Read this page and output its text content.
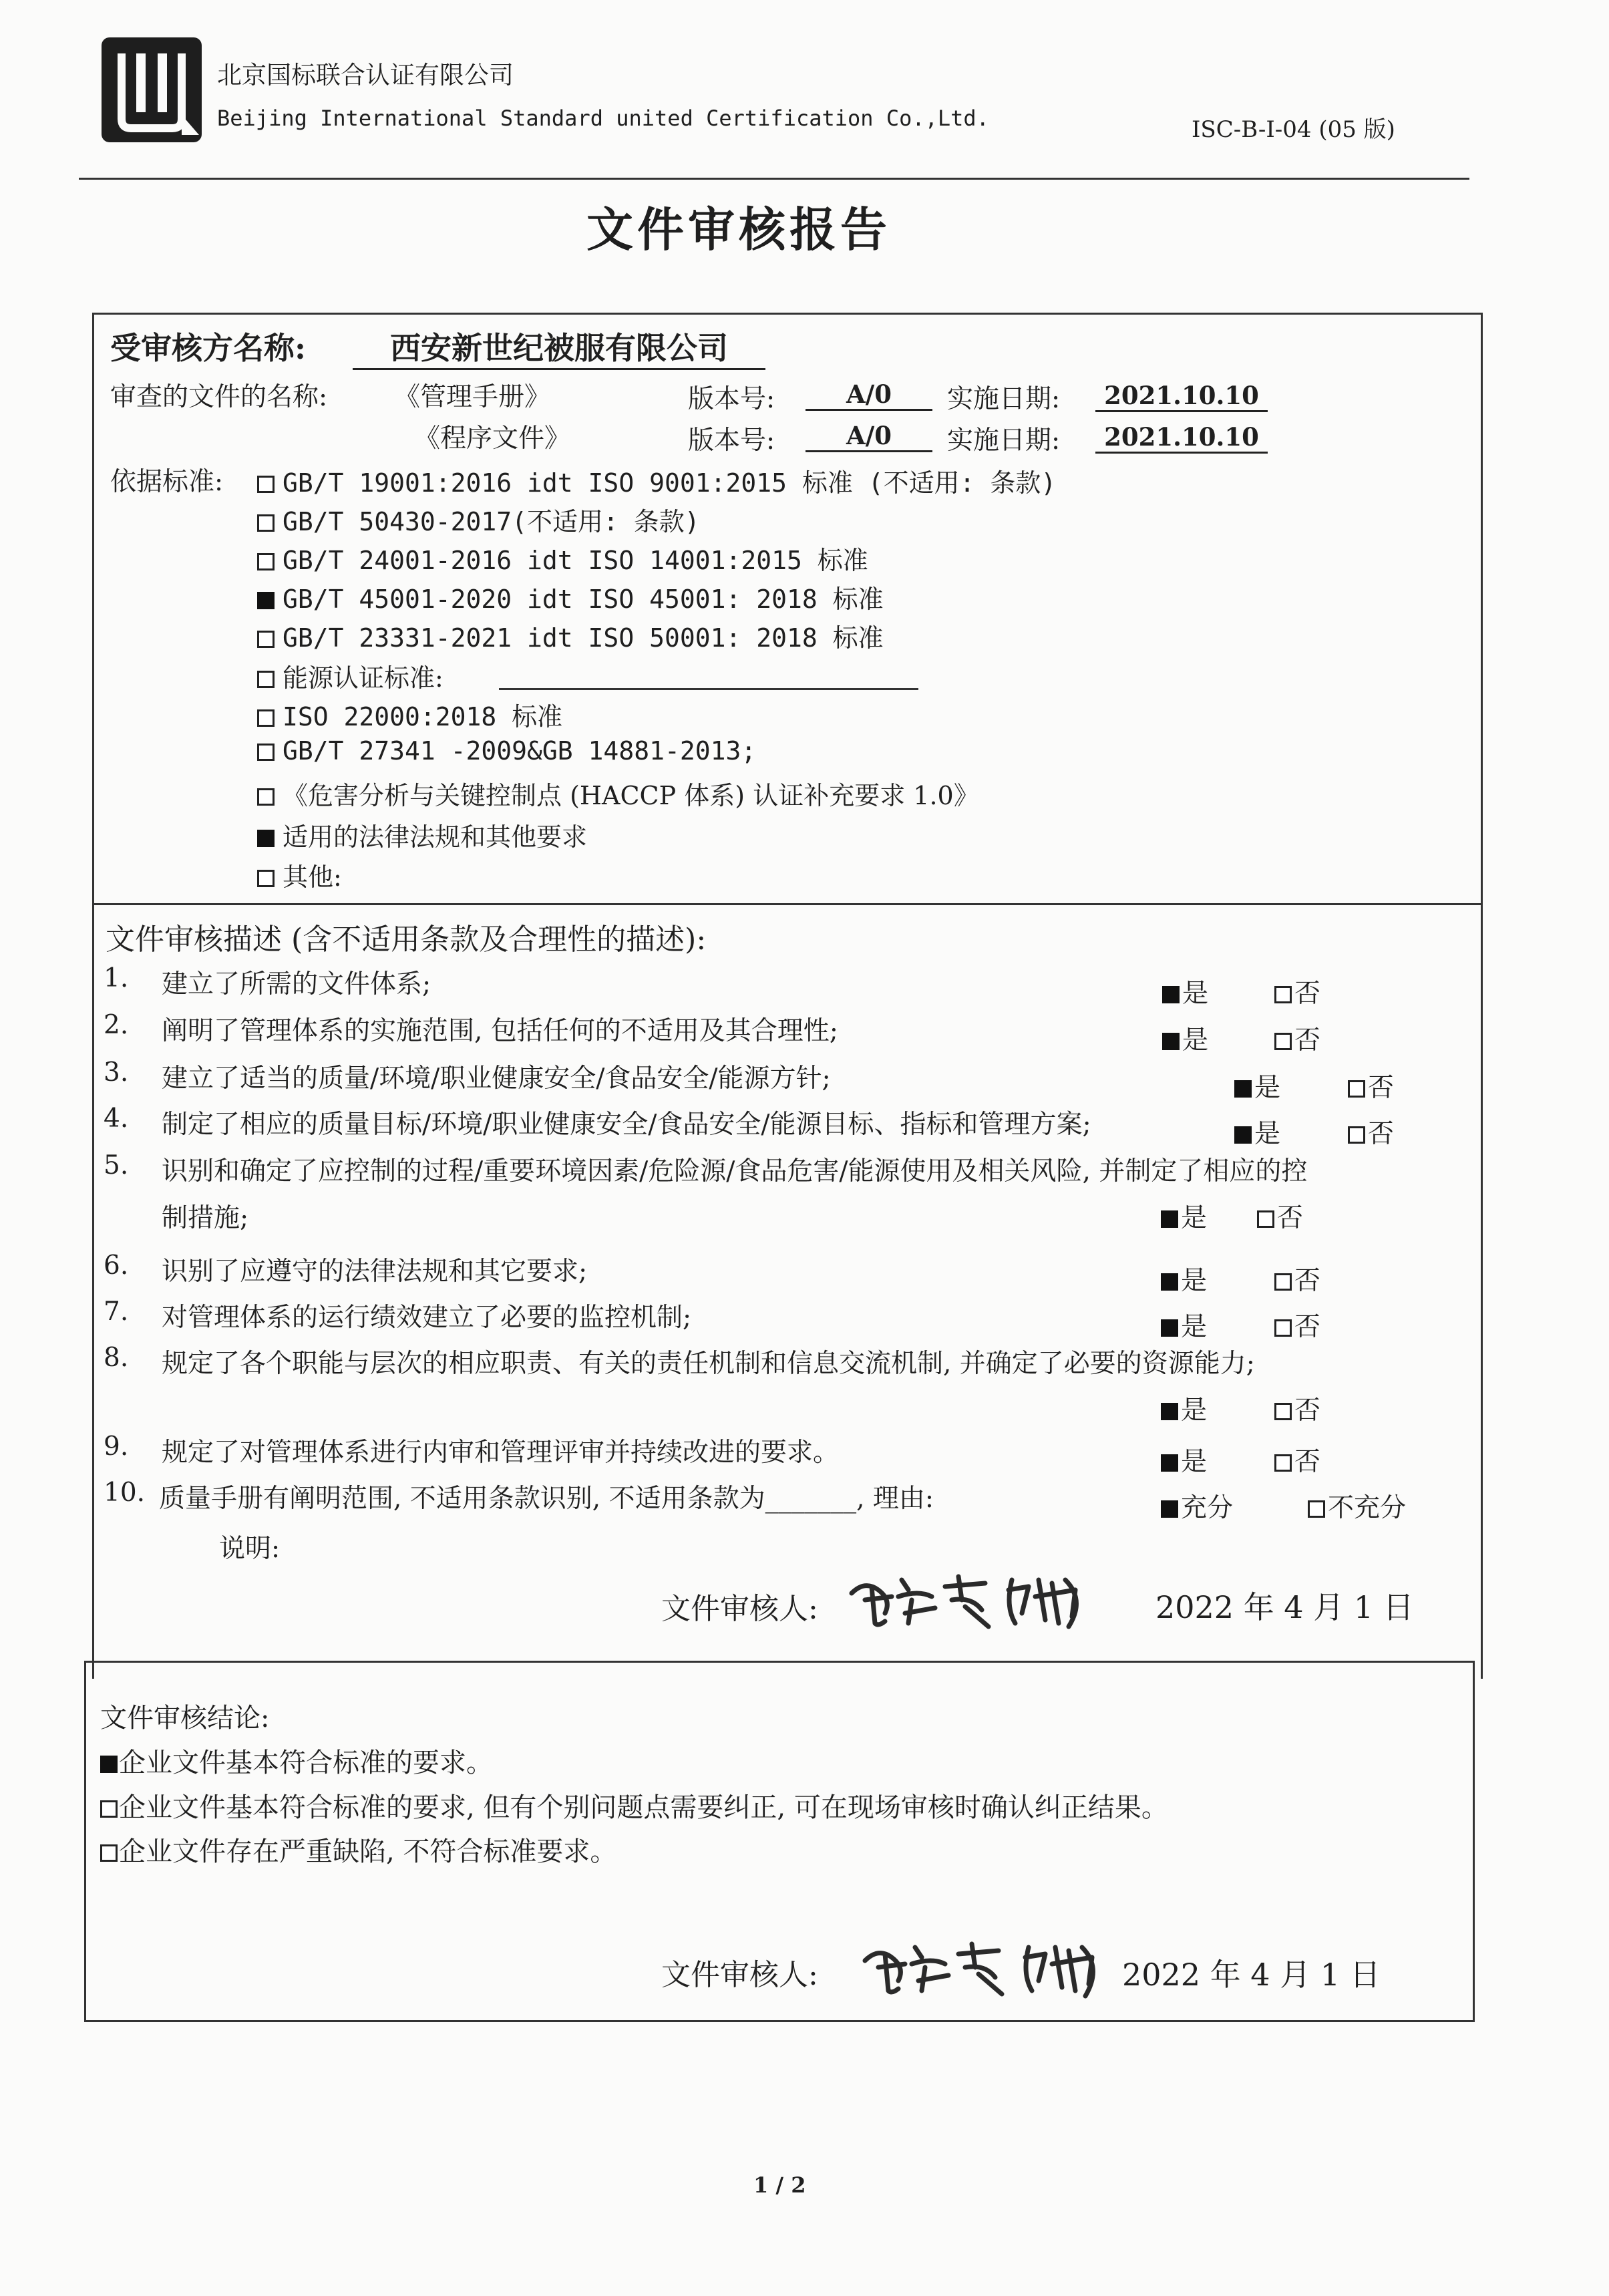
北京国标联合认证有限公司
Beijing International Standard united Certification Co.,Ltd.	ISC-B-I-04 (05 版)
文件审核报告
受审核方名称:	西安新世纪被服有限公司
审查的文件的名称:	《管理手册》	版本号:	A/0	实施日期:	2021.10.10
《程序文件》	版本号:	A/0	实施日期:	2021.10.10
依据标准:	GB/T 19001:2016 idt ISO 9001:2015 标准 (不适用: 条款)
GB/T 50430-2017(不适用: 条款)
GB/T 24001-2016 idt ISO 14001:2015 标准
GB/T 45001-2020 idt ISO 45001: 2018 标准
GB/T 23331-2021 idt ISO 50001: 2018 标准
能源认证标准:
ISO 22000:2018 标准
GB/T 27341 -2009&GB 14881-2013;
《危害分析与关键控制点 (HACCP 体系) 认证补充要求 1.0》
适用的法律法规和其他要求
其他:
文件审核描述 (含不适用条款及合理性的描述):
1. 建立了所需的文件体系;	是	否
2. 阐明了管理体系的实施范围, 包括任何的不适用及其合理性;	是	否
3. 建立了适当的质量/环境/职业健康安全/食品安全/能源方针;	是	否
4. 制定了相应的质量目标/环境/职业健康安全/食品安全/能源目标、指标和管理方案;	是	否
5. 识别和确定了应控制的过程/重要环境因素/危险源/食品危害/能源使用及相关风险, 并制定了相应的控
制措施;	是	否
6. 识别了应遵守的法律法规和其它要求;	是	否
7. 对管理体系的运行绩效建立了必要的监控机制;	是	否
8. 规定了各个职能与层次的相应职责、有关的责任机制和信息交流机制, 并确定了必要的资源能力;
是	否
9. 规定了对管理体系进行内审和管理评审并持续改进的要求。	是	否
10. 质量手册有阐明范围, 不适用条款识别, 不适用条款为_______, 理由:	充分	不充分
说明:
文件审核人:	2022 年 4 月 1 日
文件审核结论:
企业文件基本符合标准的要求。
企业文件基本符合标准的要求, 但有个别问题点需要纠正, 可在现场审核时确认纠正结果。
企业文件存在严重缺陷, 不符合标准要求。
文件审核人:	2022 年 4 月 1 日
1 / 2
